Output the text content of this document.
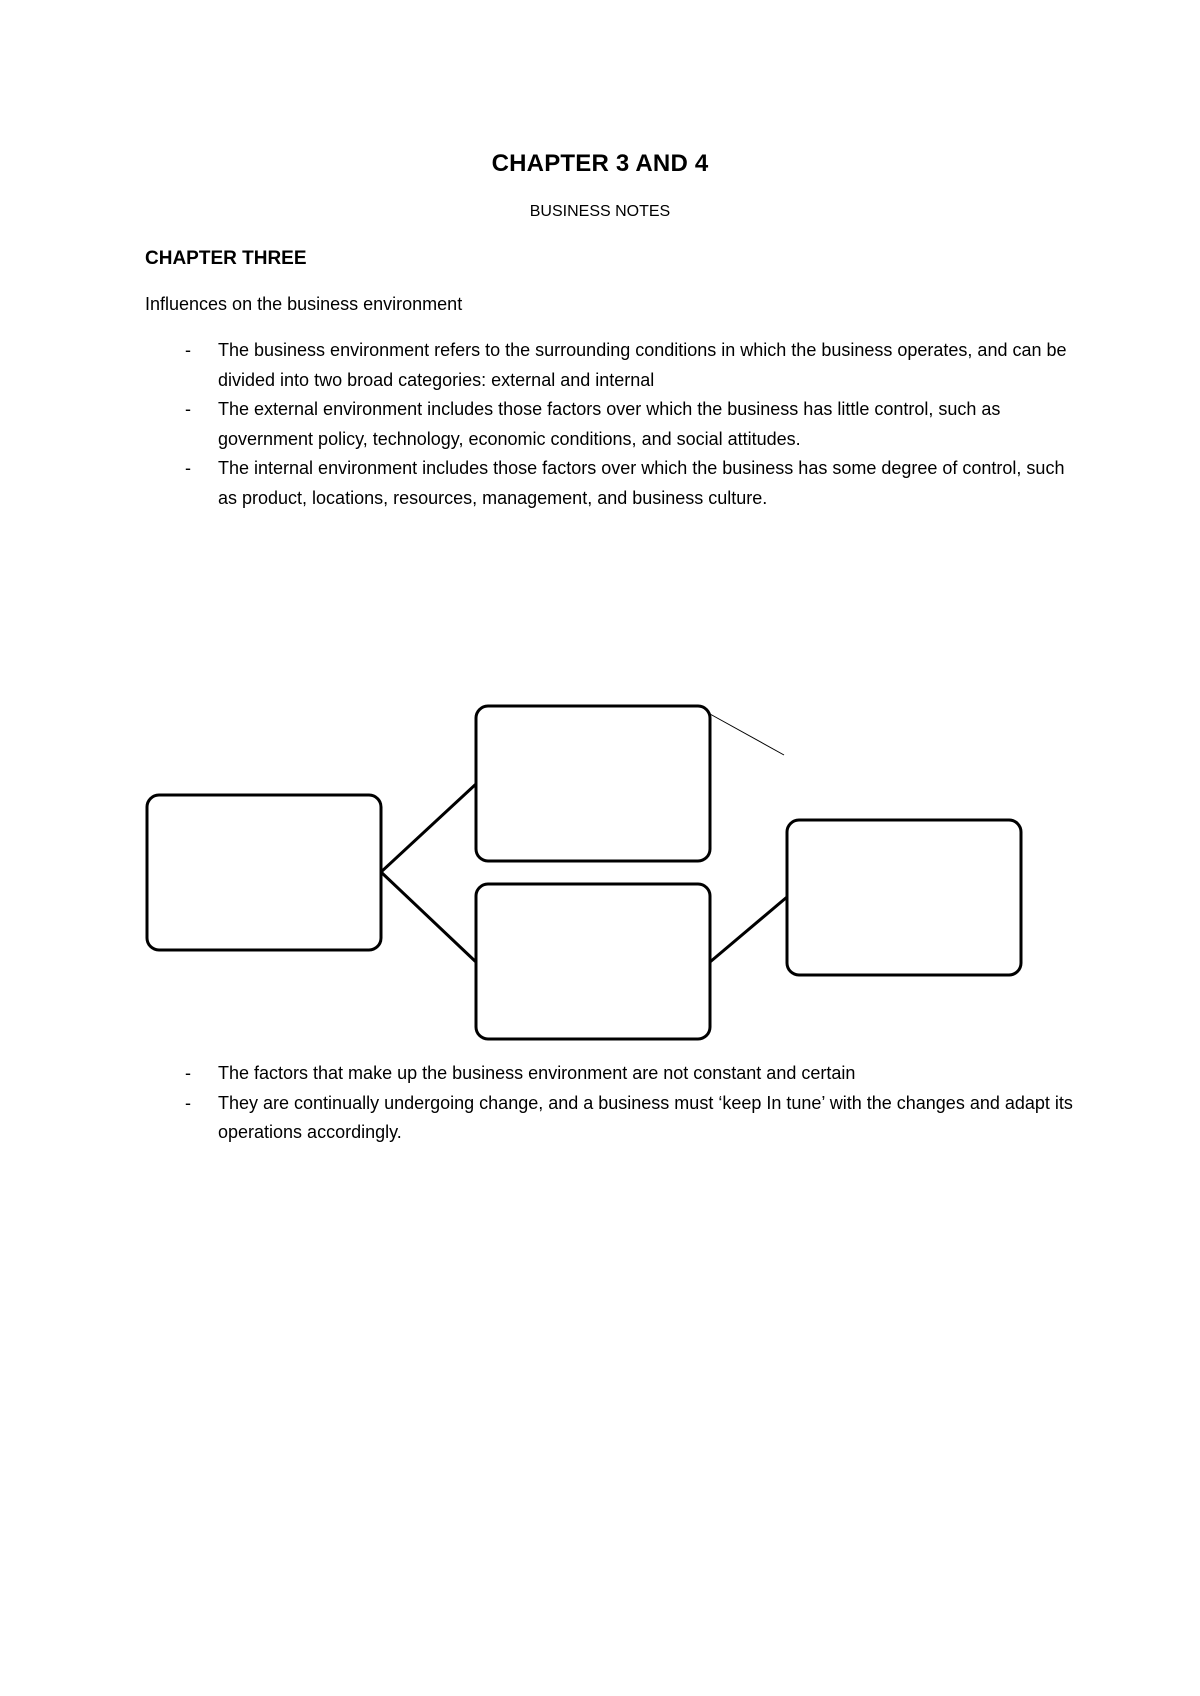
CHAPTER 3 AND 4
BUSINESS NOTES
CHAPTER THREE
Influences on the business environment
- The business environment refers to the surrounding conditions in which the business operates, and can be divided into two broad categories: external and internal
- The external environment includes those factors over which the business has little control, such as government policy, technology, economic conditions, and social attitudes.
- The internal environment includes those factors over which the business has some degree of control, such as product, locations, resources, management, and business culture.
- The factors that make up the business environment are not constant and certain
- They are continually undergoing change, and a business must ‘keep In tune’ with the changes and adapt its operations accordingly.
